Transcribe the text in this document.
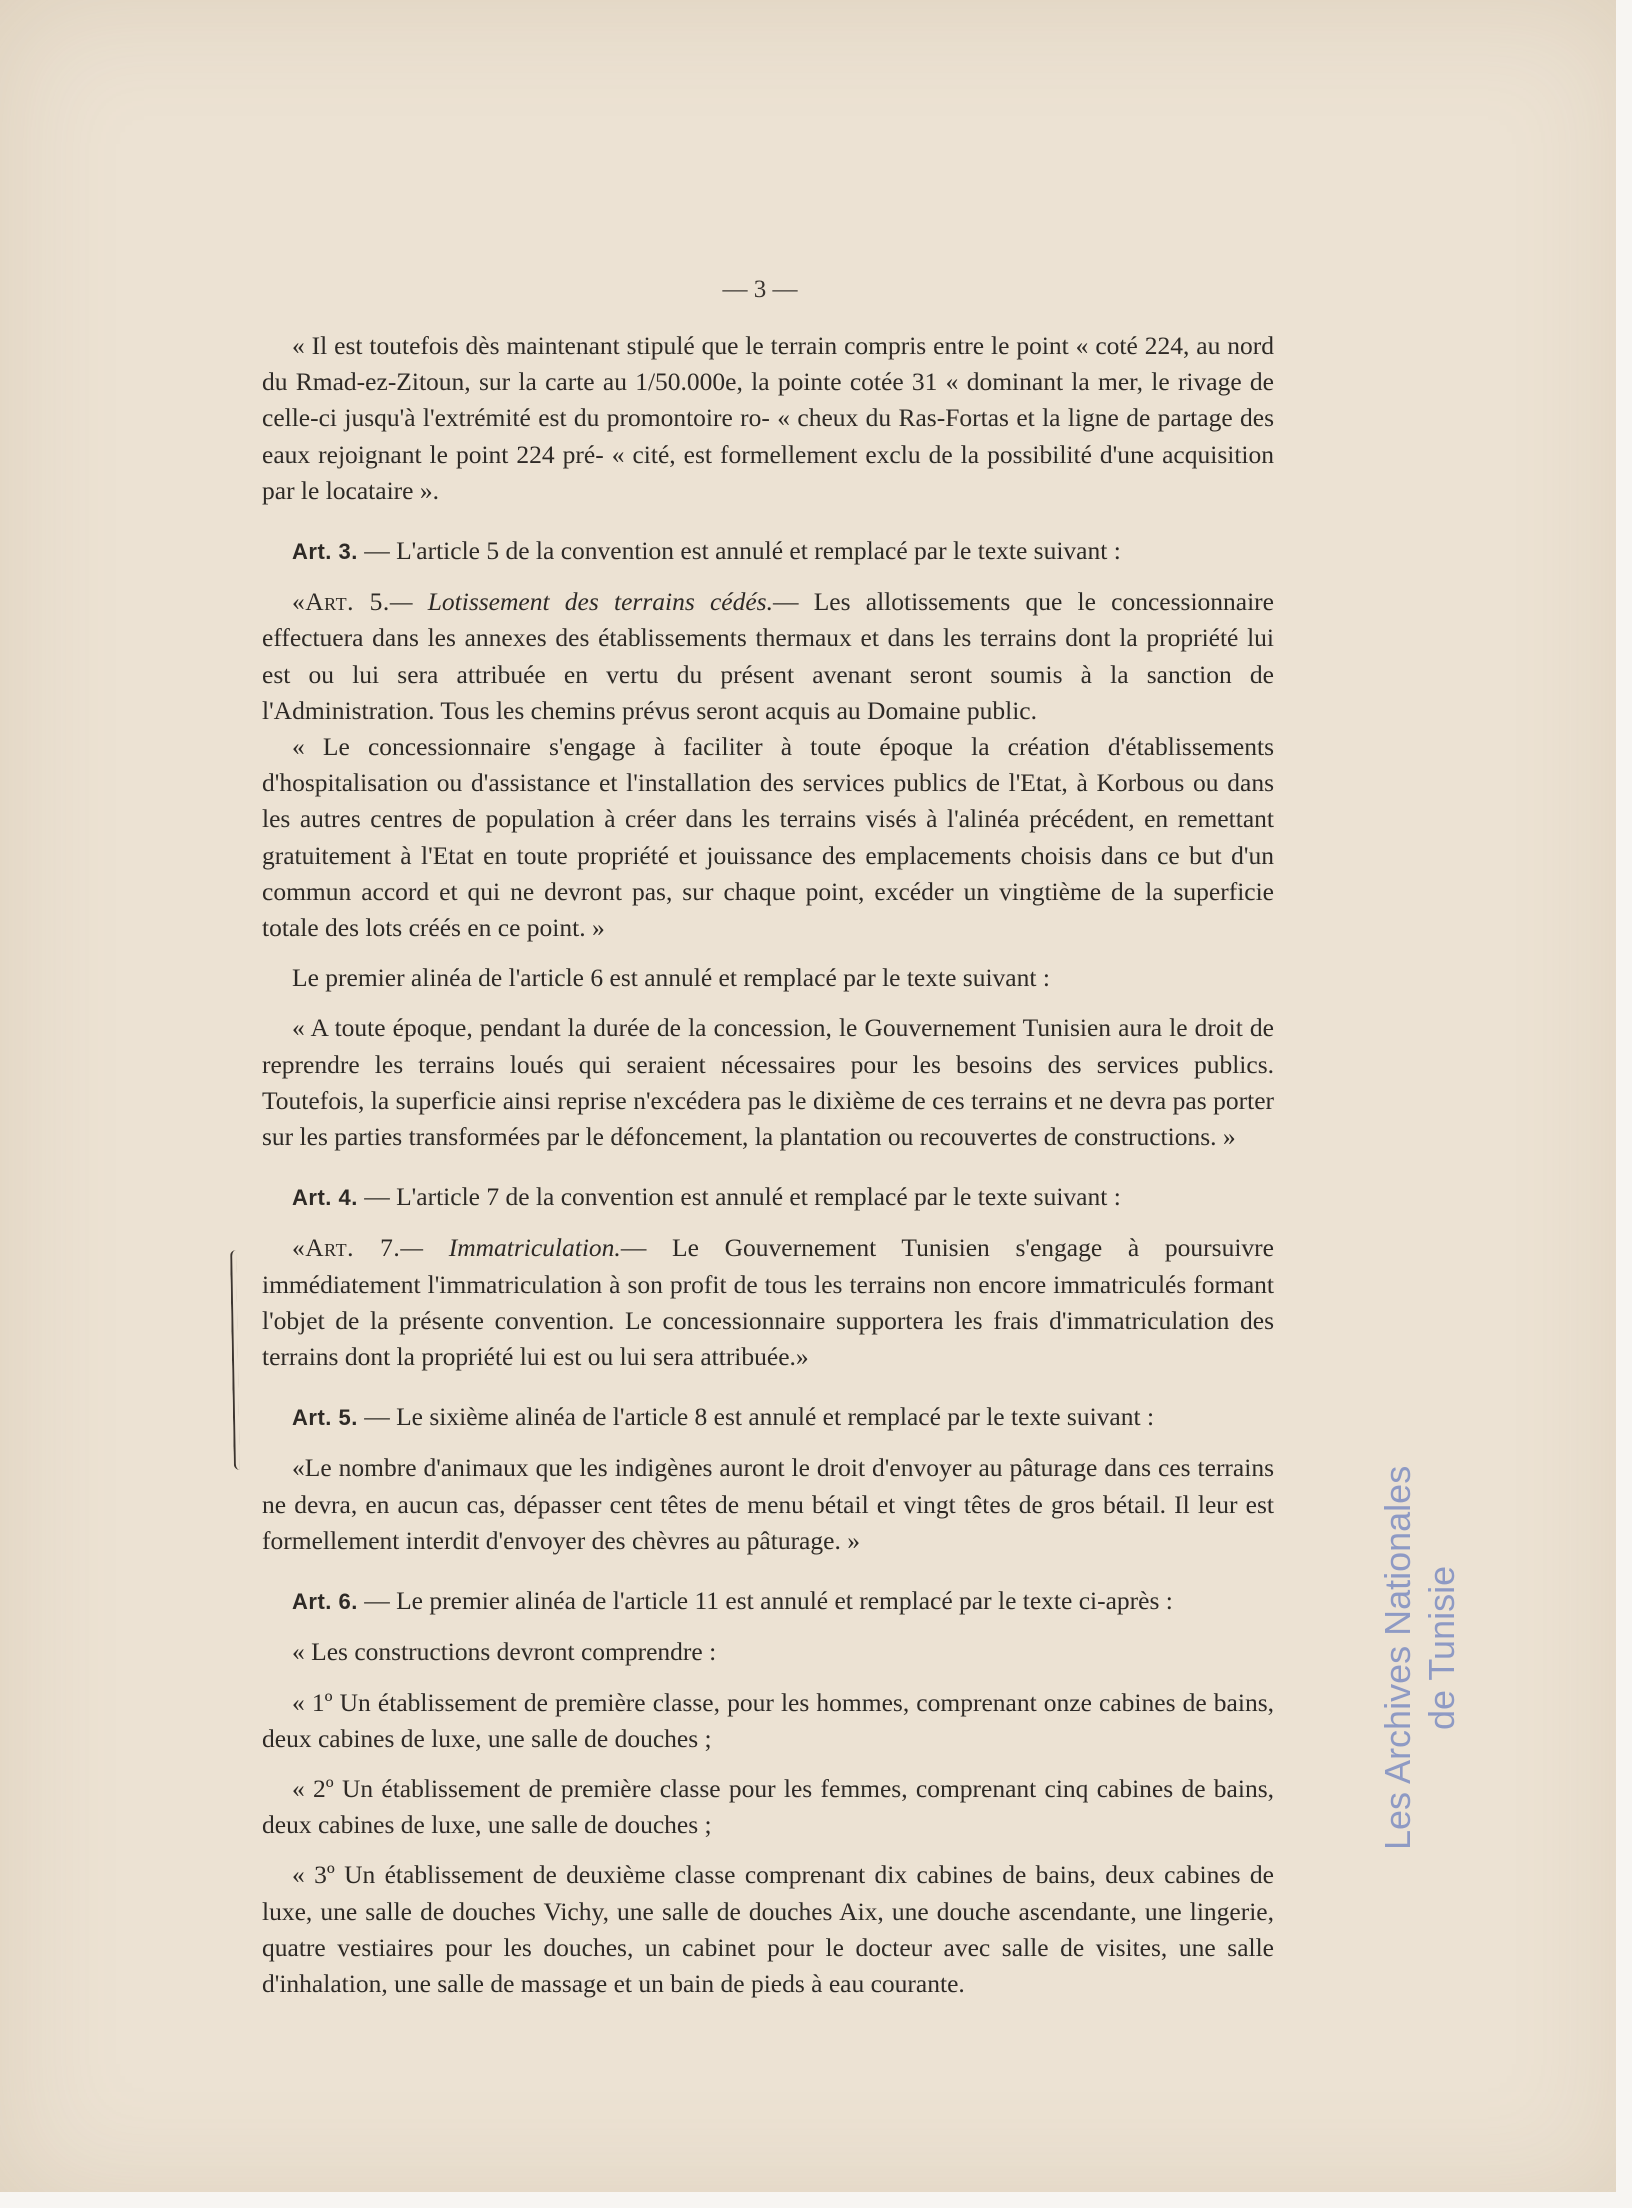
— 3 —

« Il est toutefois dès maintenant stipulé que le terrain compris entre le point « coté 224, au nord du Rmad-ez-Zitoun, sur la carte au 1/50.000e, la pointe cotée 31 « dominant la mer, le rivage de celle-ci jusqu'à l'extrémité est du promontoire ro- « cheux du Ras-Fortas et la ligne de partage des eaux rejoignant le point 224 pré- « cité, est formellement exclu de la possibilité d'une acquisition par le locataire ».

Art. 3. — L'article 5 de la convention est annulé et remplacé par le texte suivant :

«Art. 5.— Lotissement des terrains cédés.— Les allotissements que le concessionnaire effectuera dans les annexes des établissements thermaux et dans les terrains dont la propriété lui est ou lui sera attribuée en vertu du présent avenant seront soumis à la sanction de l'Administration. Tous les chemins prévus seront acquis au Domaine public.

« Le concessionnaire s'engage à faciliter à toute époque la création d'établissements d'hospitalisation ou d'assistance et l'installation des services publics de l'Etat, à Korbous ou dans les autres centres de population à créer dans les terrains visés à l'alinéa précédent, en remettant gratuitement à l'Etat en toute propriété et jouissance des emplacements choisis dans ce but d'un commun accord et qui ne devront pas, sur chaque point, excéder un vingtième de la superficie totale des lots créés en ce point. »

Le premier alinéa de l'article 6 est annulé et remplacé par le texte suivant :

« A toute époque, pendant la durée de la concession, le Gouvernement Tunisien aura le droit de reprendre les terrains loués qui seraient nécessaires pour les besoins des services publics. Toutefois, la superficie ainsi reprise n'excédera pas le dixième de ces terrains et ne devra pas porter sur les parties transformées par le défoncement, la plantation ou recouvertes de constructions. »

Art. 4. — L'article 7 de la convention est annulé et remplacé par le texte suivant :

«Art. 7.— Immatriculation.— Le Gouvernement Tunisien s'engage à poursuivre immédiatement l'immatriculation à son profit de tous les terrains non encore immatriculés formant l'objet de la présente convention. Le concessionnaire supportera les frais d'immatriculation des terrains dont la propriété lui est ou lui sera attribuée.»

Art. 5. — Le sixième alinéa de l'article 8 est annulé et remplacé par le texte suivant :

«Le nombre d'animaux que les indigènes auront le droit d'envoyer au pâturage dans ces terrains ne devra, en aucun cas, dépasser cent têtes de menu bétail et vingt têtes de gros bétail. Il leur est formellement interdit d'envoyer des chèvres au pâturage. »

Art. 6. — Le premier alinéa de l'article 11 est annulé et remplacé par le texte ci-après :

« Les constructions devront comprendre :

« 1º Un établissement de première classe, pour les hommes, comprenant onze cabines de bains, deux cabines de luxe, une salle de douches ;

« 2º Un établissement de première classe pour les femmes, comprenant cinq cabines de bains, deux cabines de luxe, une salle de douches ;

« 3º Un établissement de deuxième classe comprenant dix cabines de bains, deux cabines de luxe, une salle de douches Vichy, une salle de douches Aix, une douche ascendante, une lingerie, quatre vestiaires pour les douches, un cabinet pour le docteur avec salle de visites, une salle d'inhalation, une salle de massage et un bain de pieds à eau courante.

Les Archives Nationales de Tunisie
